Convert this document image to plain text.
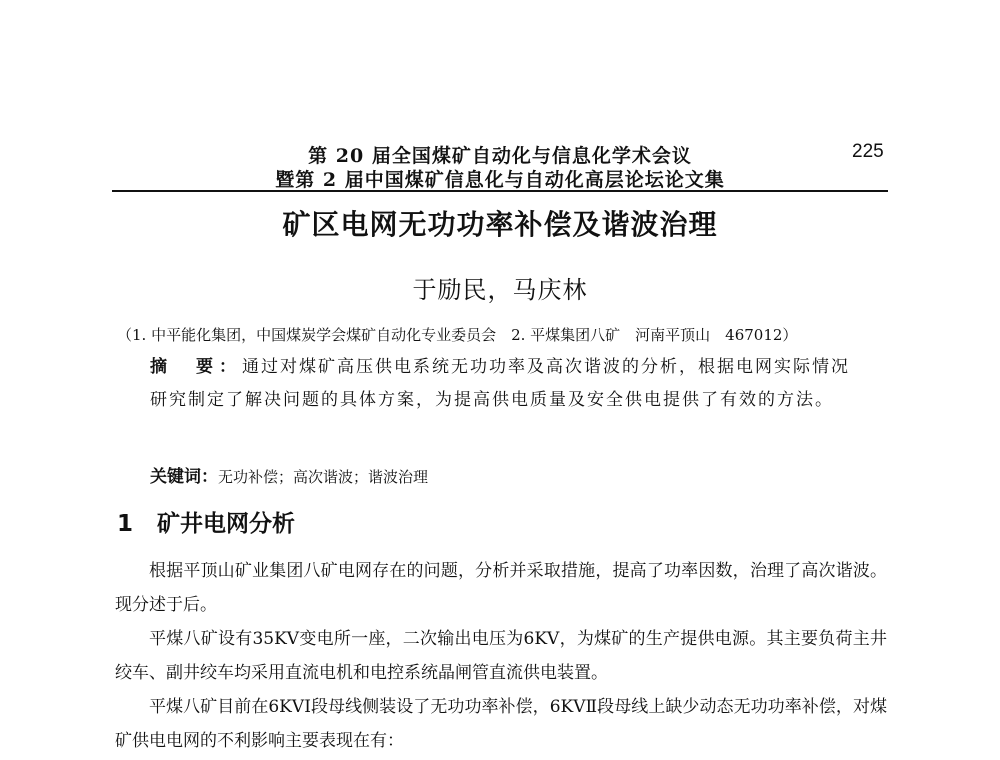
第 20 届全国煤矿自动化与信息化学术会议	225
暨第 2 届中国煤矿信息化与自动化高层论坛论文集
矿区电网无功功率补偿及谐波治理
于励民，马庆林
（1. 中平能化集团，中国煤炭学会煤矿自动化专业委员会　2. 平煤集团八矿　河南平顶山　467012）
摘　要：通过对煤矿高压供电系统无功功率及高次谐波的分析，根据电网实际情况研究制定了解决问题的具体方案，为提高供电质量及安全供电提供了有效的方法。
关键词：无功补偿；高次谐波；谐波治理
1 矿井电网分析

根据平顶山矿业集团八矿电网存在的问题，分析并采取措施，提高了功率因数，治理了高次谐波。现分述于后。

平煤八矿设有35KV变电所一座，二次输出电压为6KV，为煤矿的生产提供电源。其主要负荷主井绞车、副井绞车均采用直流电机和电控系统晶闸管直流供电装置。

平煤八矿目前在6KVⅠ段母线侧装设了无功功率补偿，6KVⅡ段母线上缺少动态无功功率补偿，对煤矿供电电网的不利影响主要表现在有：
